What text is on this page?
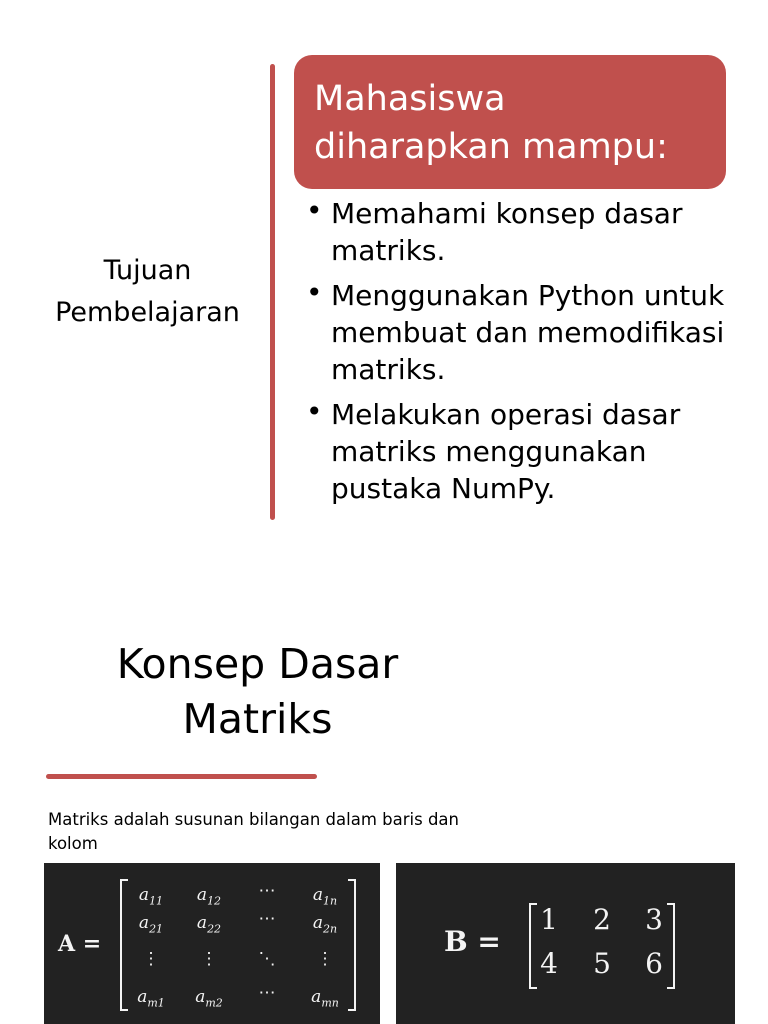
Tujuan
Pembelajaran
Mahasiswa
diharapkan mampu:
• Memahami konsep dasar matriks.
• Menggunakan Python untuk membuat dan memodifikasi matriks.
• Melakukan operasi dasar matriks menggunakan pustaka NumPy.
Konsep Dasar
Matriks
Matriks adalah susunan bilangan dalam baris dan kolom
A =
$a_{11}$	$a_{12}$	⋯	$a_{1n}$
$a_{21}$	$a_{22}$	⋯	$a_{2n}$
⋮	⋮	⋱	⋮
$a_{m1}$	$a_{m2}$	⋯	$a_{mn}$
B =
1 2 3
4 5 6
